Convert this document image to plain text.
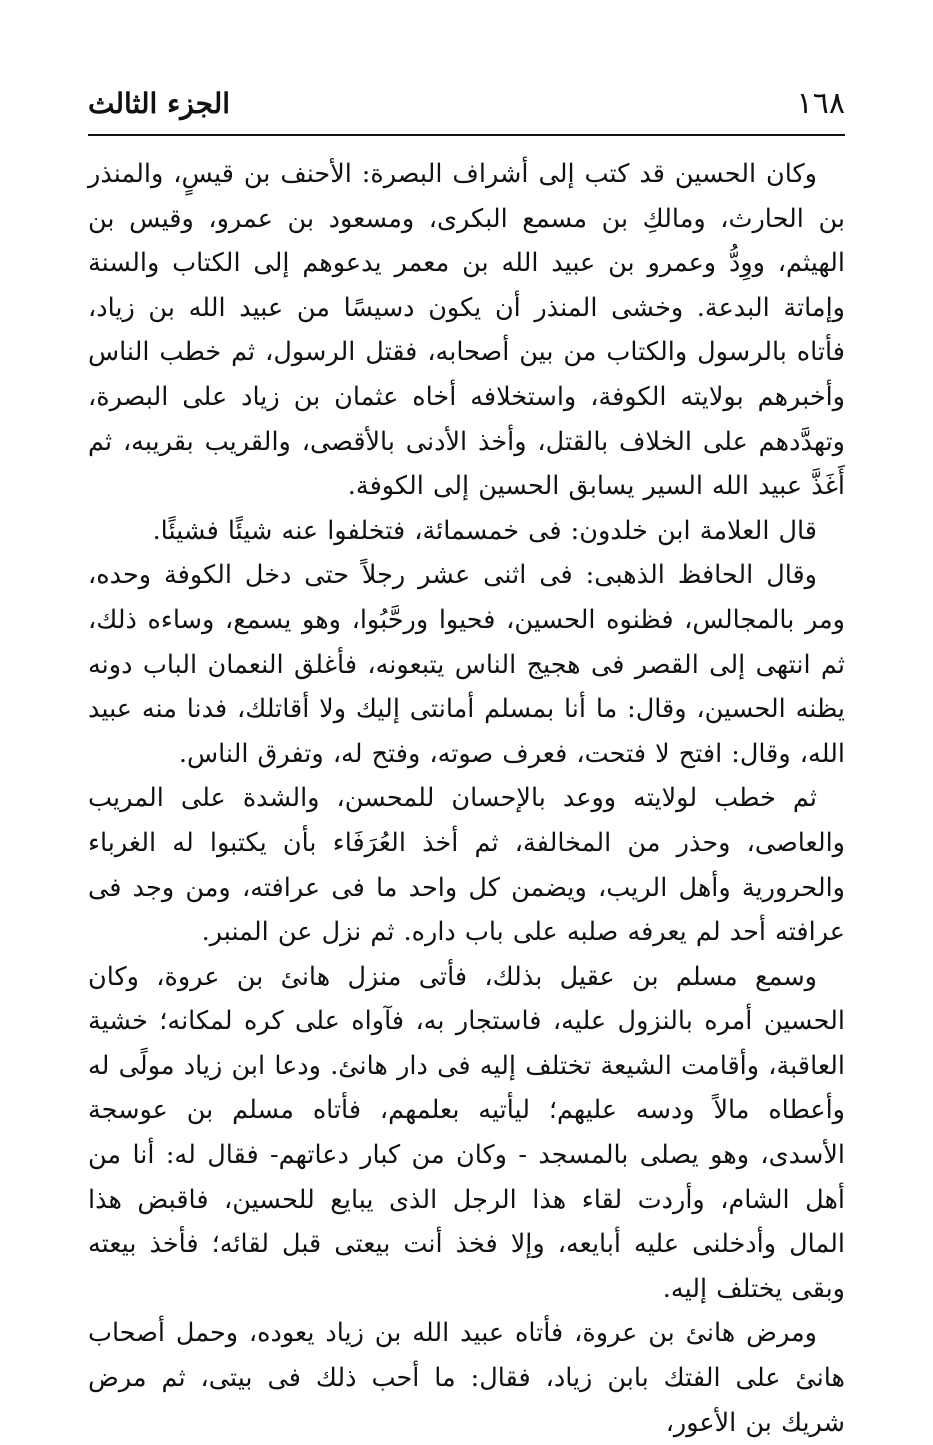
١٦٨
الجزء الثالث

وكان الحسين قد كتب إلى أشراف البصرة: الأحنف بن قيسٍ، والمنذر بن الحارث، ومالكِ بن مسمع البكرى، ومسعود بن عمرو، وقيس بن الهيثم، ووِدُّ وعمرو بن عبيد الله بن معمر يدعوهم إلى الكتاب والسنة وإماتة البدعة. وخشى المنذر أن يكون دسيسًا من عبيد الله بن زياد، فأتاه بالرسول والكتاب من بين أصحابه، فقتل الرسول، ثم خطب الناس وأخبرهم بولايته الكوفة، واستخلافه أخاه عثمان بن زياد على البصرة، وتهدَّدهم على الخلاف بالقتل، وأخذ الأدنى بالأقصى، والقريب بقريبه، ثم أَغَذَّ عبيد الله السير يسابق الحسين إلى الكوفة.

قال العلامة ابن خلدون: فى خمسمائة، فتخلفوا عنه شيئًا فشيئًا.

وقال الحافظ الذهبى: فى اثنى عشر رجلاً حتى دخل الكوفة وحده، ومر بالمجالس، فظنوه الحسين، فحيوا ورحَّبُوا، وهو يسمع، وساءه ذلك، ثم انتهى إلى القصر فى هجيج الناس يتبعونه، فأغلق النعمان الباب دونه يظنه الحسين، وقال: ما أنا بمسلم أمانتى إليك ولا أقاتلك، فدنا منه عبيد الله، وقال: افتح لا فتحت، فعرف صوته، وفتح له، وتفرق الناس.

ثم خطب لولايته ووعد بالإحسان للمحسن، والشدة على المريب والعاصى، وحذر من المخالفة، ثم أخذ العُرَفَاء بأن يكتبوا له الغرباء والحرورية وأهل الريب، ويضمن كل واحد ما فى عرافته، ومن وجد فى عرافته أحد لم يعرفه صلبه على باب داره. ثم نزل عن المنبر.

وسمع مسلم بن عقيل بذلك، فأتى منزل هانئ بن عروة، وكان الحسين أمره بالنزول عليه، فاستجار به، فآواه على كره لمكانه؛ خشية العاقبة، وأقامت الشيعة تختلف إليه فى دار هانئ. ودعا ابن زياد مولًى له وأعطاه مالاً ودسه عليهم؛ ليأتيه بعلمهم، فأتاه مسلم بن عوسجة الأسدى، وهو يصلى بالمسجد - وكان من كبار دعاتهم- فقال له: أنا من أهل الشام، وأردت لقاء هذا الرجل الذى يبايع للحسين، فاقبض هذا المال وأدخلنى عليه أبايعه، وإلا فخذ أنت بيعتى قبل لقائه؛ فأخذ بيعته وبقى يختلف إليه.

ومرض هانئ بن عروة، فأتاه عبيد الله بن زياد يعوده، وحمل أصحاب هانئ على الفتك بابن زياد، فقال: ما أحب ذلك فى بيتى، ثم مرض شريك بن الأعور،
